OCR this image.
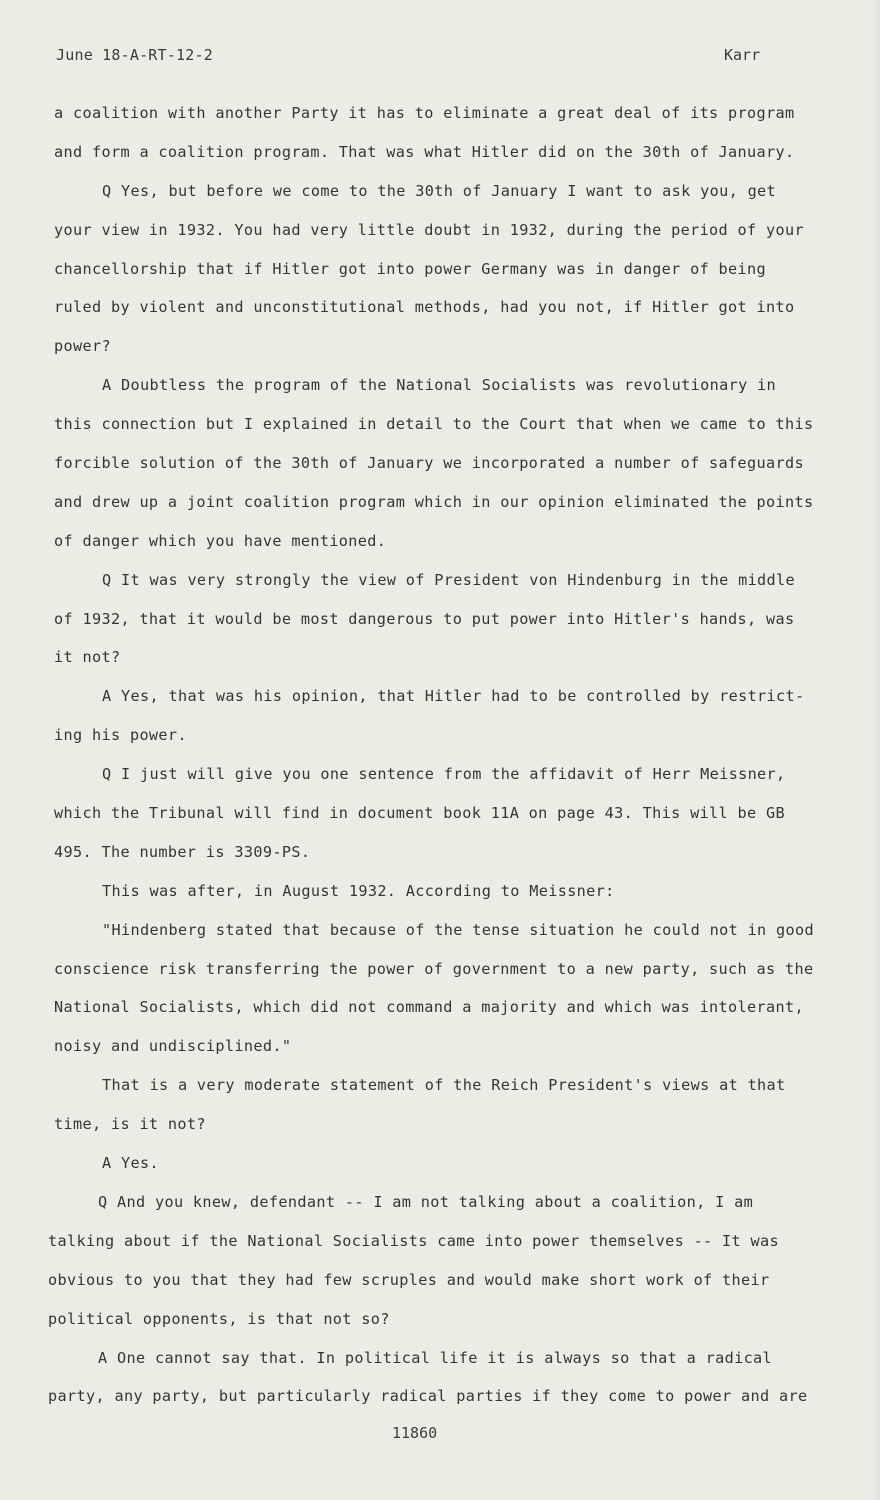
June 18-A-RT-12-2	Karr
a coalition with another Party it has to eliminate a great deal of its program
and form a coalition program. That was what Hitler did on the 30th of January.
Q Yes, but before we come to the 30th of January I want to ask you, get
your view in 1932. You had very little doubt in 1932, during the period of your
chancellorship that if Hitler got into power Germany was in danger of being
ruled by violent and unconstitutional methods, had you not, if Hitler got into
power?
A Doubtless the program of the National Socialists was revolutionary in
this connection but I explained in detail to the Court that when we came to this
forcible solution of the 30th of January we incorporated a number of safeguards
and drew up a joint coalition program which in our opinion eliminated the points
of danger which you have mentioned.
Q It was very strongly the view of President von Hindenburg in the middle
of 1932, that it would be most dangerous to put power into Hitler's hands, was
it not?
A Yes, that was his opinion, that Hitler had to be controlled by restrict-
ing his power.
Q I just will give you one sentence from the affidavit of Herr Meissner,
which the Tribunal will find in document book 11A on page 43. This will be GB
495. The number is 3309-PS.
This was after, in August 1932. According to Meissner:
"Hindenberg stated that because of the tense situation he could not in good
conscience risk transferring the power of government to a new party, such as the
National Socialists, which did not command a majority and which was intolerant,
noisy and undisciplined."
That is a very moderate statement of the Reich President's views at that
time, is it not?
A Yes.
Q And you knew, defendant -- I am not talking about a coalition, I am
talking about if the National Socialists came into power themselves -- It was
obvious to you that they had few scruples and would make short work of their
political opponents, is that not so?
A One cannot say that. In political life it is always so that a radical
party, any party, but particularly radical parties if they come to power and are
11860
